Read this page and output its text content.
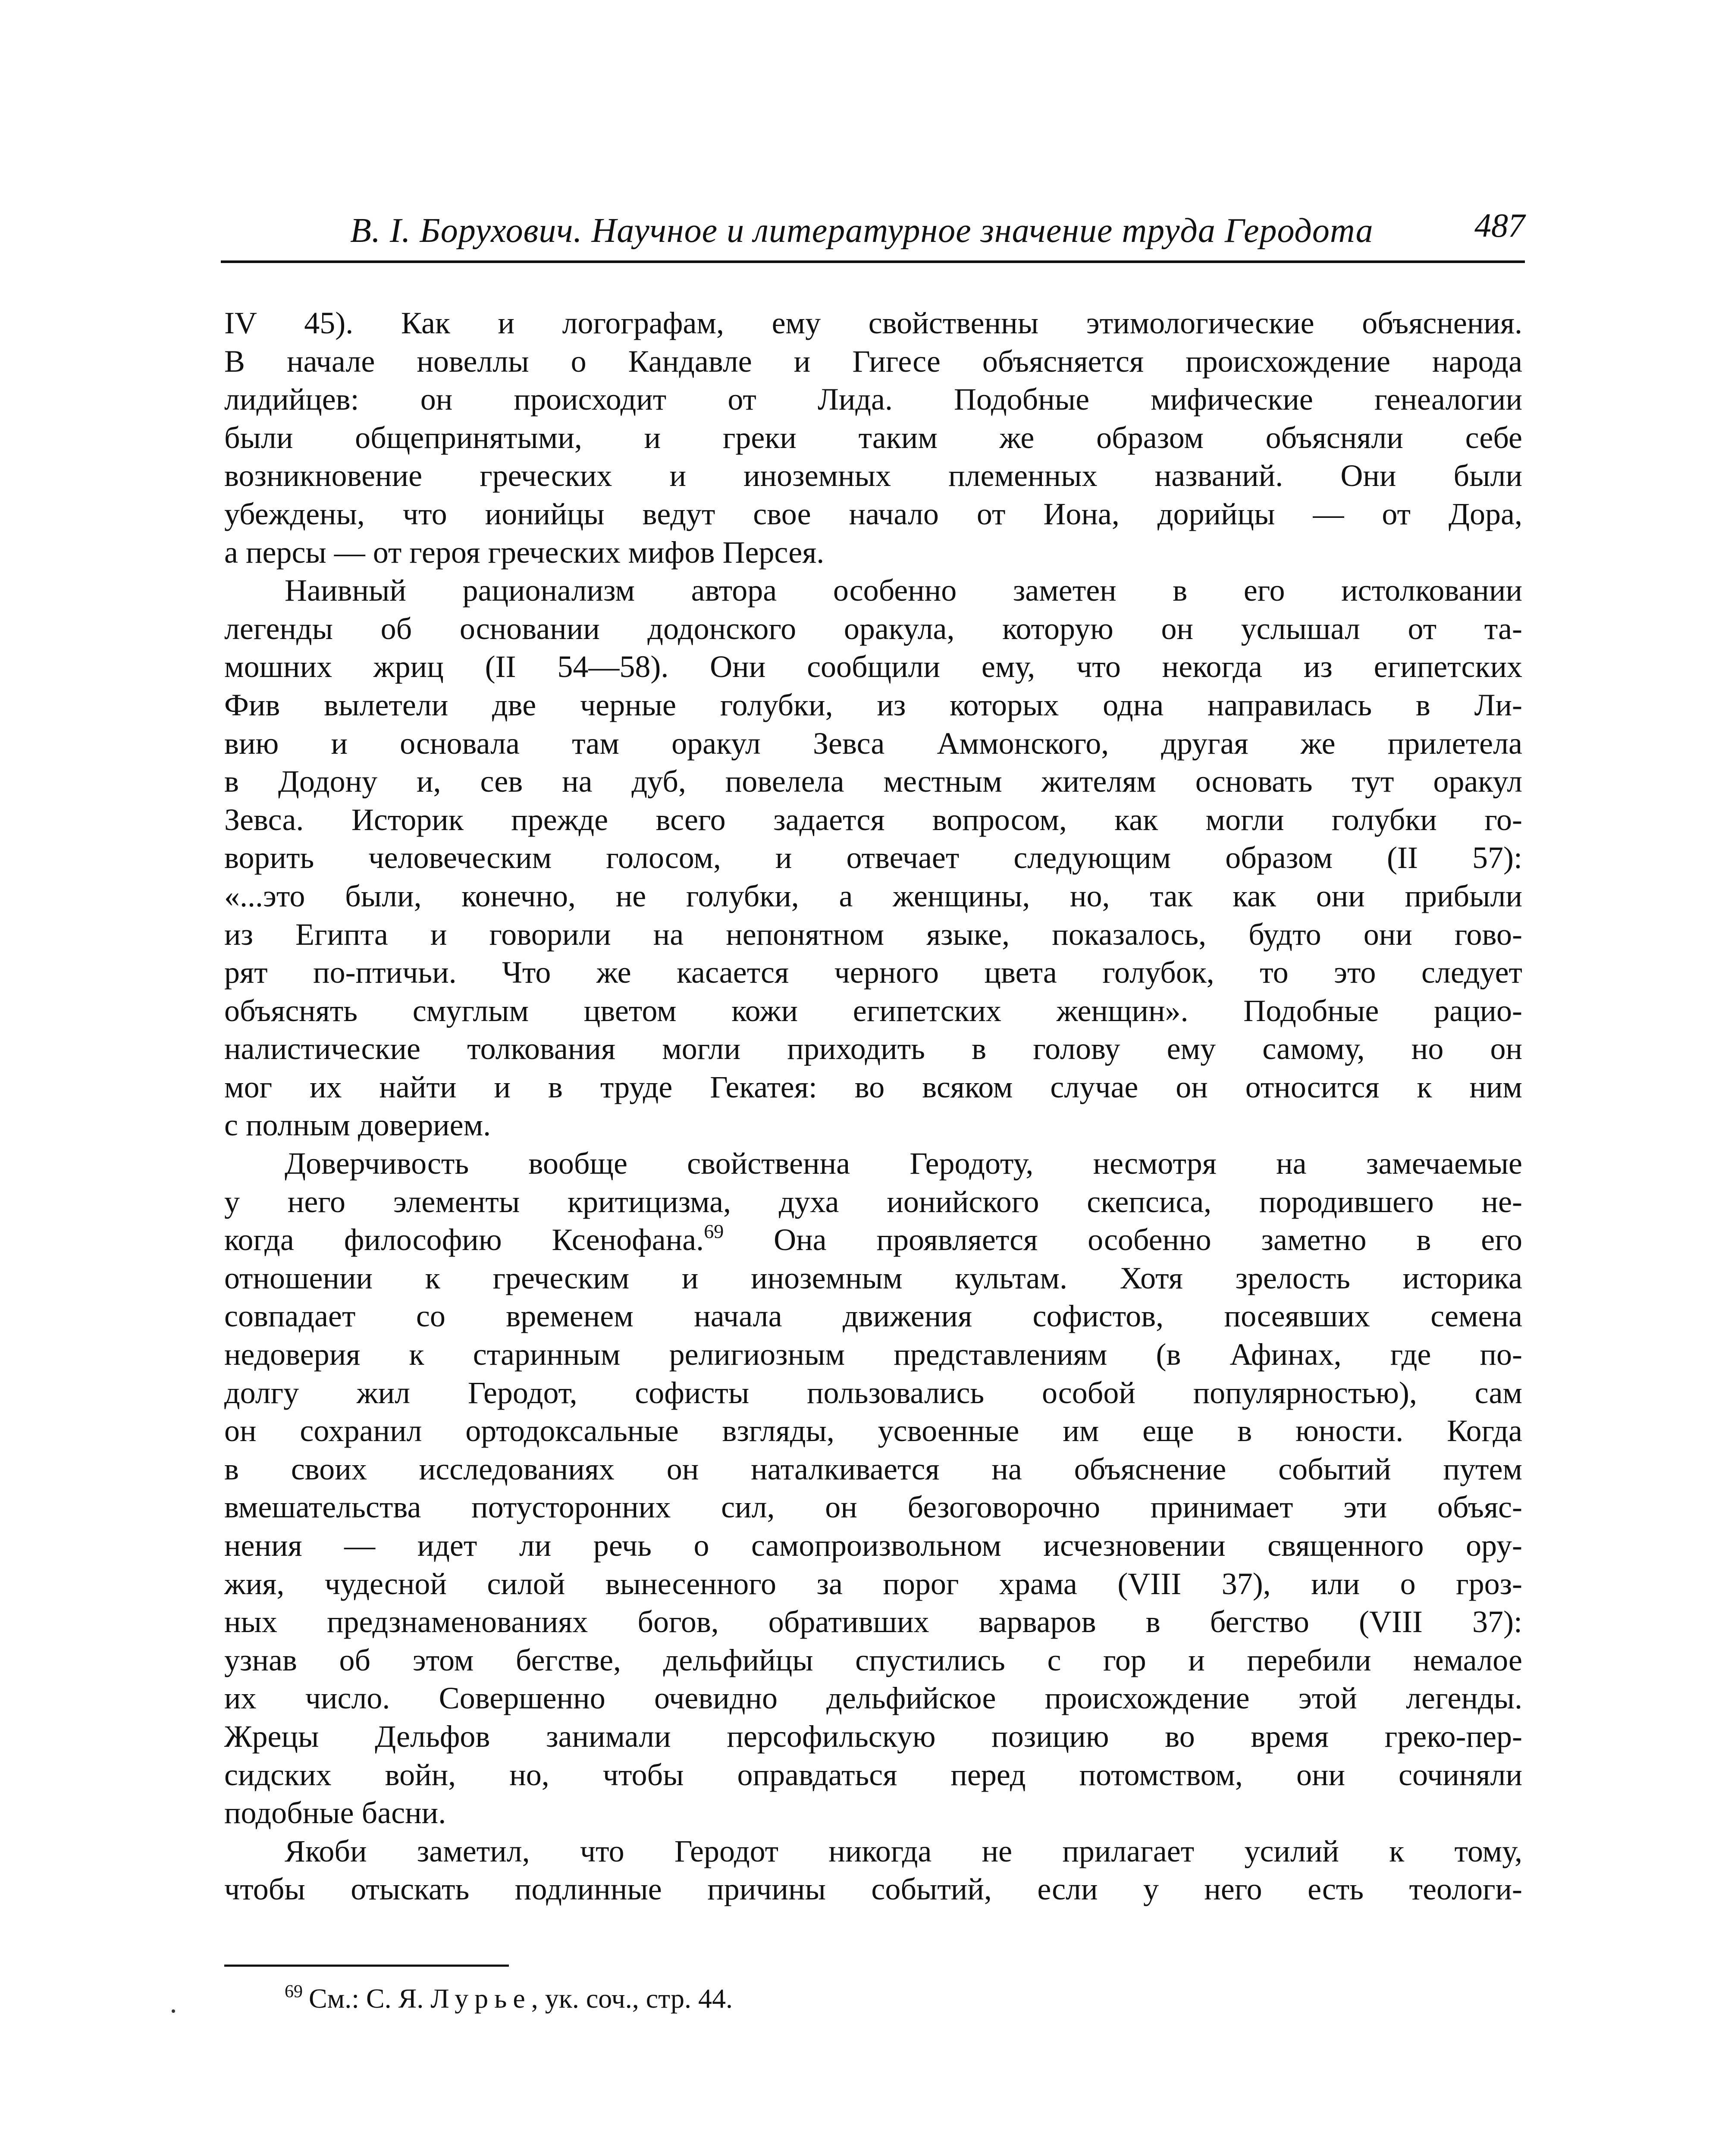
В. І. Борухович. Научное и литературное значение труда Геродота	487

IV 45). Как и логографам, ему свойственны этимологические объяснения.
В начале новеллы о Кандавле и Гигесе объясняется происхождение народа
лидийцев: он происходит от Лида. Подобные мифические генеалогии
были общепринятыми, и греки таким же образом объясняли себе
возникновение греческих и иноземных племенных названий. Они были
убеждены, что ионийцы ведут свое начало от Иона, дорийцы — от Дора,
а персы — от героя греческих мифов Персея.

Наивный рационализм автора особенно заметен в его истолковании
легенды об основании додонского оракула, которую он услышал от та-
мошних жриц (II 54—58). Они сообщили ему, что некогда из египетских
Фив вылетели две черные голубки, из которых одна направилась в Ли-
вию и основала там оракул Зевса Аммонского, другая же прилетела
в Додону и, сев на дуб, повелела местным жителям основать тут оракул
Зевса. Историк прежде всего задается вопросом, как могли голубки го-
ворить человеческим голосом, и отвечает следующим образом (II 57):
«...это были, конечно, не голубки, а женщины, но, так как они прибыли
из Египта и говорили на непонятном языке, показалось, будто они гово-
рят по-птичьи. Что же касается черного цвета голубок, то это следует
объяснять смуглым цветом кожи египетских женщин». Подобные рацио-
налистические толкования могли приходить в голову ему самому, но он
мог их найти и в труде Гекатея: во всяком случае он относится к ним
с полным доверием.

Доверчивость вообще свойственна Геродоту, несмотря на замечаемые
у него элементы критицизма, духа ионийского скепсиса, породившего не-
когда философию Ксенофана.$^{69}$ Она проявляется особенно заметно в его
отношении к греческим и иноземным культам. Хотя зрелость историка
совпадает со временем начала движения софистов, посеявших семена
недоверия к старинным религиозным представлениям (в Афинах, где по-
долгу жил Геродот, софисты пользовались особой популярностью), сам
он сохранил ортодоксальные взгляды, усвоенные им еще в юности. Когда
в своих исследованиях он наталкивается на объяснение событий путем
вмешательства потусторонних сил, он безоговорочно принимает эти объяс-
нения — идет ли речь о самопроизвольном исчезновении священного ору-
жия, чудесной силой вынесенного за порог храма (VIII 37), или о гроз-
ных предзнаменованиях богов, обративших варваров в бегство (VIII 37):
узнав об этом бегстве, дельфийцы спустились с гор и перебили немалое
их число. Совершенно очевидно дельфийское происхождение этой легенды.
Жрецы Дельфов занимали персофильскую позицию во время греко-пер-
сидских войн, но, чтобы оправдаться перед потомством, они сочиняли
подобные басни.

Якоби заметил, что Геродот никогда не прилагает усилий к тому,
чтобы отыскать подлинные причины событий, если у него есть теологи-

$^{69}$ См.: С. Я. Лурье, ук. соч., стр. 44.
